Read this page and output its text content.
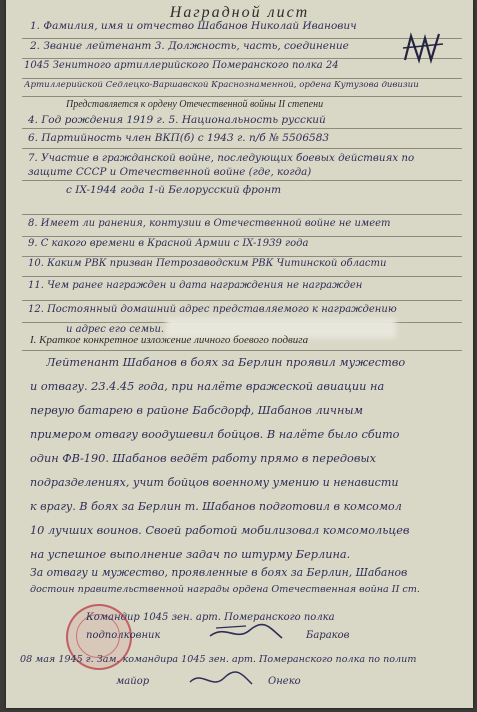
Наградной лист
1. Фамилия, имя и отчество Шабанов Николай Иванович
2. Звание лейтенант 3. Должность, часть, соединение
1045 Зенитного артиллерийского Померанского полка 24
Артиллерийской Седлецко-Варшавской Краснознаменной, ордена Кутузова дивизии
Представляется к ордену Отечественной войны II степени
4. Год рождения 1919 г. 5. Национальность русский
6. Партийность член ВКП(б) с 1943 г. п/б № 5506583
7. Участие в гражданской войне, последующих боевых действиях по
защите СССР и Отечественной войне (где, когда)
с IX-1944 года 1-й Белорусский фронт
8. Имеет ли ранения, контузии в Отечественной войне не имеет
9. С какого времени в Красной Армии с IX-1939 года
10. Каким РВК призван Петрозаводским РВК Читинской области
11. Чем ранее награжден и дата награждения не награжден
12. Постоянный домашний адрес представляемого к награждению
и адрес его семьи.
I. Краткое конкретное изложение личного боевого подвига
Лейтенант Шабанов в боях за Берлин проявил мужество
и отвагу. 23.4.45 года, при налёте вражеской авиации на
первую батарею в районе Бабсдорф, Шабанов личным
примером отвагу воодушевил бойцов. В налёте было сбито
один ФВ-190. Шабанов ведёт работу прямо в передовых
подразделениях, учит бойцов военному умению и ненависти
к врагу. В боях за Берлин т. Шабанов подготовил в комсомол
10 лучших воинов. Своей работой мобилизовал комсомольцев
на успешное выполнение задач по штурму Берлина.
За отвагу и мужество, проявленные в боях за Берлин, Шабанов
достоин правительственной награды ордена Отечественная война II ст.
Командир 1045 зен. арт. Померанского полка
подполковник	Бараков
08 мая 1945 г. Зам. командира 1045 зен. арт. Померанского полка по полит
майор	Онеко
